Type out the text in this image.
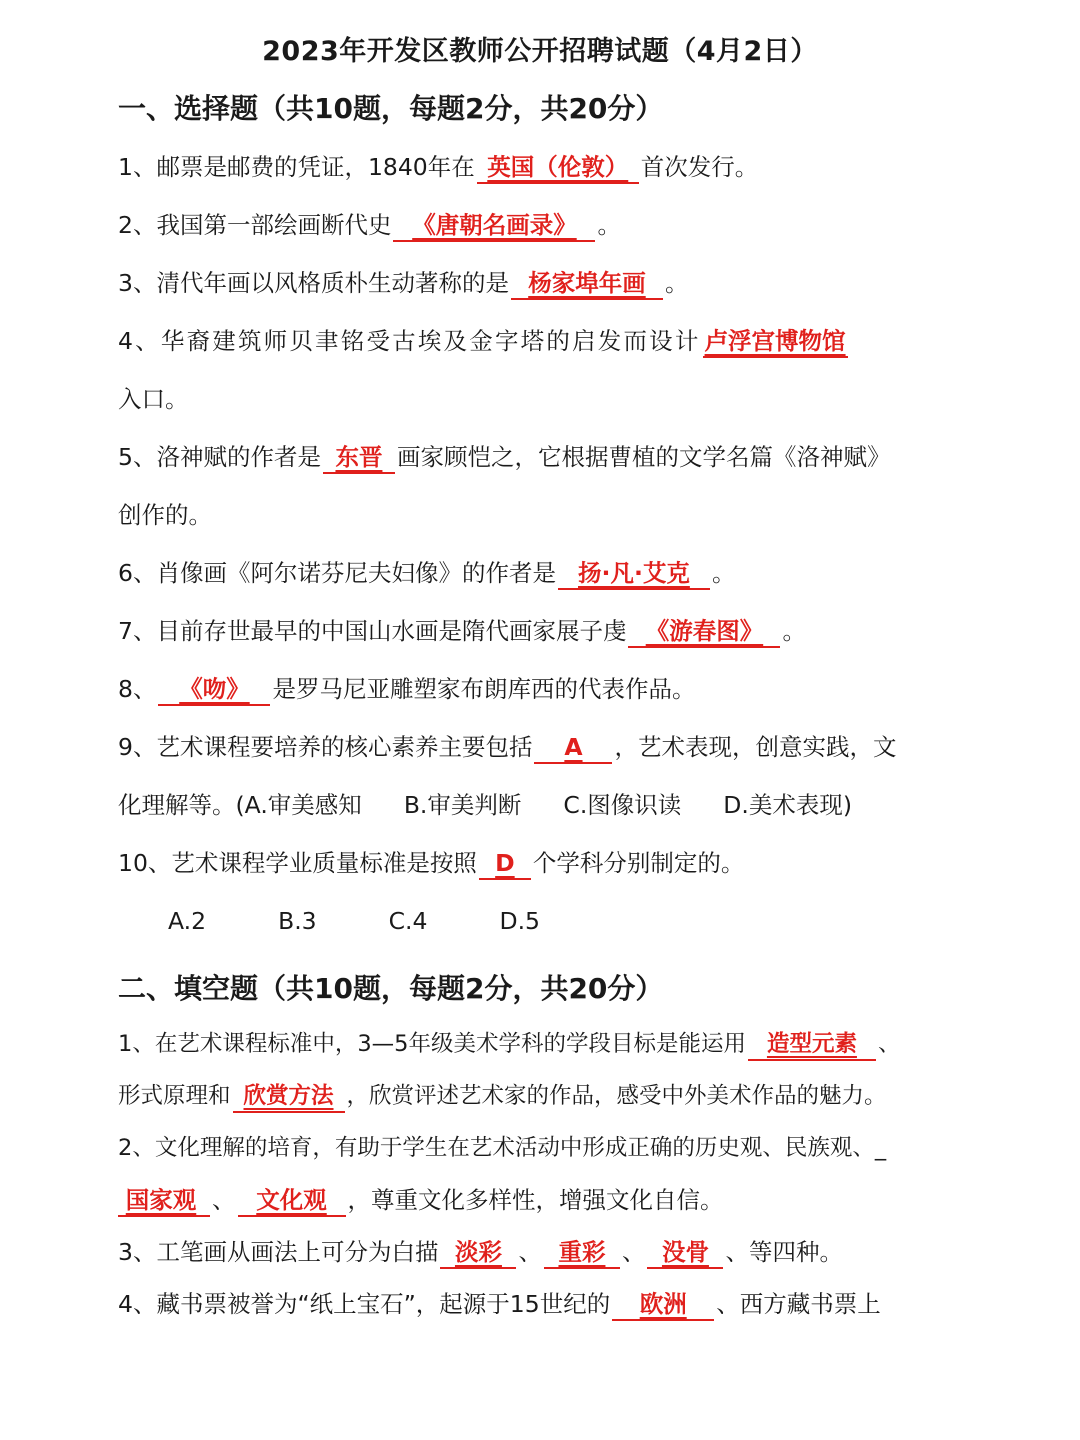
2023年开发区教师公开招聘试题（4月2日）
一、选择题（共10题，每题2分，共20分）
1、邮票是邮费的凭证，1840年在 英国（伦敦） 首次发行。
2、我国第一部绘画断代史 《唐朝名画录》 。
3、清代年画以风格质朴生动著称的是 杨家埠年画 。
4、华裔建筑师贝聿铭受古埃及金字塔的启发而设计 卢浮宫博物馆
入口。
5、洛神赋的作者是 东晋 画家顾恺之，它根据曹植的文学名篇《洛神赋》
创作的。
6、肖像画《阿尔诺芬尼夫妇像》的作者是 扬·凡·艾克 。
7、目前存世最早的中国山水画是隋代画家展子虔 《游春图》 。
8、 《吻》 是罗马尼亚雕塑家布朗库西的代表作品。
9、艺术课程要培养的核心素养主要包括 A ，艺术表现，创意实践，文
化理解等。(A.审美感知 B.审美判断 C.图像识读 D.美术表现)
10、艺术课程学业质量标准是按照 D 个学科分别制定的。
A.2	B.3	C.4	D.5
二、填空题（共10题，每题2分，共20分）
1、在艺术课程标准中，3—5年级美术学科的学段目标是能运用 造型元素 、
形式原理和 欣赏方法 ，欣赏评述艺术家的作品，感受中外美术作品的魅力。
2、文化理解的培育，有助于学生在艺术活动中形成正确的历史观、民族观、_
国家观 、 文化观 ，尊重文化多样性，增强文化自信。
3、工笔画从画法上可分为白描 淡彩 、 重彩 、 没骨 、等四种。
4、藏书票被誉为“纸上宝石”，起源于15世纪的 欧洲 、西方藏书票上
